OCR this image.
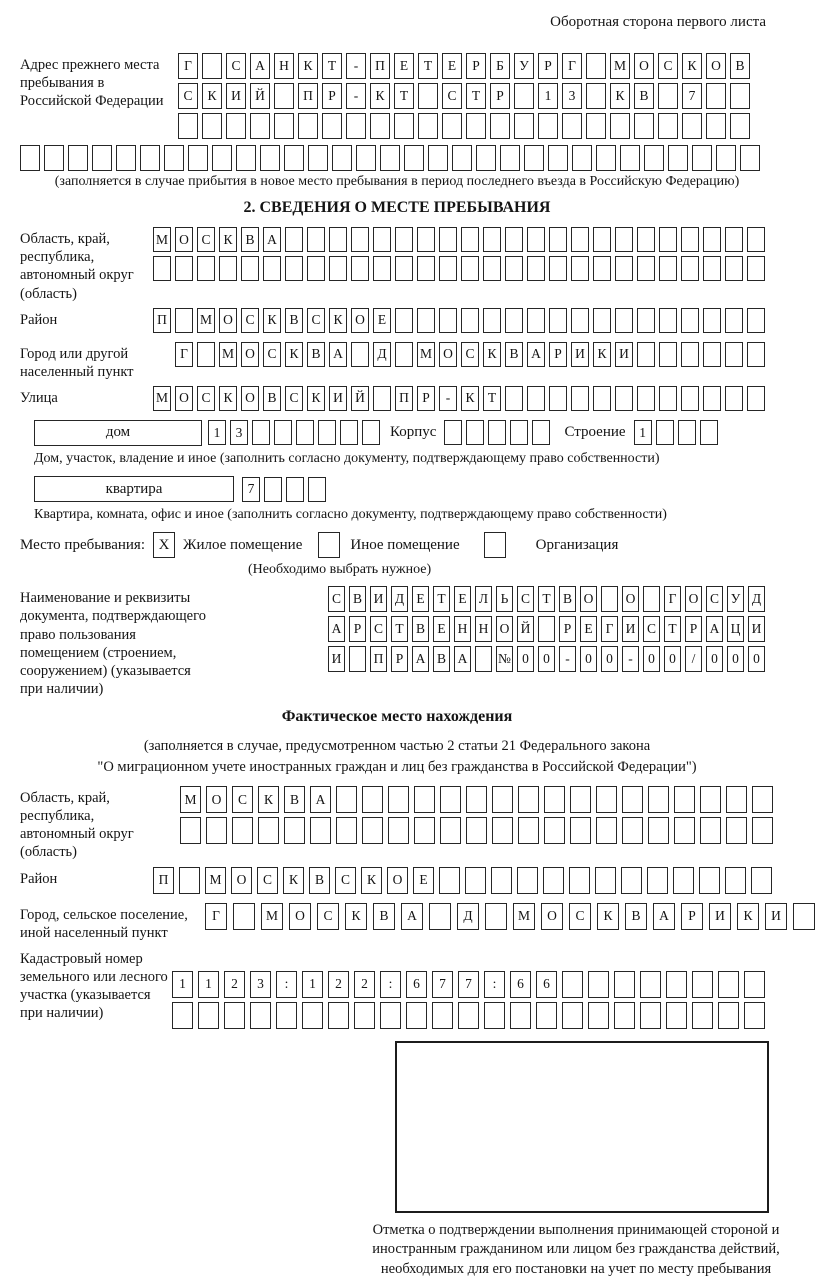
Оборотная сторона первого листа
Адрес прежнего места пребывания в Российской Федерации
Г	С	А	Н	К	Т	-	П	Е	Т	Е	Р	Б	У	Р	Г	М О	С	К	О	В
С	К	И	Й	П	Р	-	К	Т	С	Т	Р	1	3	К	В	7
(заполняется в случае прибытия в новое место пребывания в период последнего въезда в Российскую Федерацию)
2. СВЕДЕНИЯ О МЕСТЕ ПРЕБЫВАНИЯ
Область, край, республика, автономный округ (область)
М О С К В А
Район	П	М О С К В С К О Е
Город или другой населенный пункт
Г	М О С К В А	Д	М О С К В А Р И К И
Улица	М О С К О В С К И Й	П Р	-	К Т
дом	1	3	Корпус	Строение	1
Дом, участок, владение и иное (заполнить согласно документу, подтверждающему право собственности)
квартира	7
Квартира, комната, офис и иное (заполнить согласно документу, подтверждающему право собственности)
Место пребывания: X Жилое помещение	Иное помещение	Организация
(Необходимо выбрать нужное)
Наименование и реквизиты документа, подтверждающего право пользования помещением (строением, сооружением) (указывается при наличии)
С В И Д Е Т Е Л Ь С Т В О О	Г О С У Д
А Р С Т В Е Н Н О Й	Р Е Г И С Т Р А Ц И
И П Р А В А № 0	0	-	0	0	-	0	0	/	0	0	0
Фактическое место нахождения
(заполняется в случае, предусмотренном частью 2 статьи 21 Федерального закона
"О миграционном учете иностранных граждан и лиц без гражданства в Российской Федерации")
Область, край, республика, автономный округ (область)
М	О	С	К	В	А
Район	П	М	О	С	К	В	С	К	О	Е
Город, сельское поселение, иной населенный пункт
Г	М	О	С	К	В	А	Д	М	О	С	К	В	А	Р	И	К	И
Кадастровый номер земельного или лесного участка (указывается при наличии)
1	1	2	3	:	1	2	2	:	6	7	7	:	6	6
Отметка о подтверждении выполнения принимающей стороной и иностранным гражданином или лицом без гражданства действий, необходимых для его постановки на учет по месту пребывания
